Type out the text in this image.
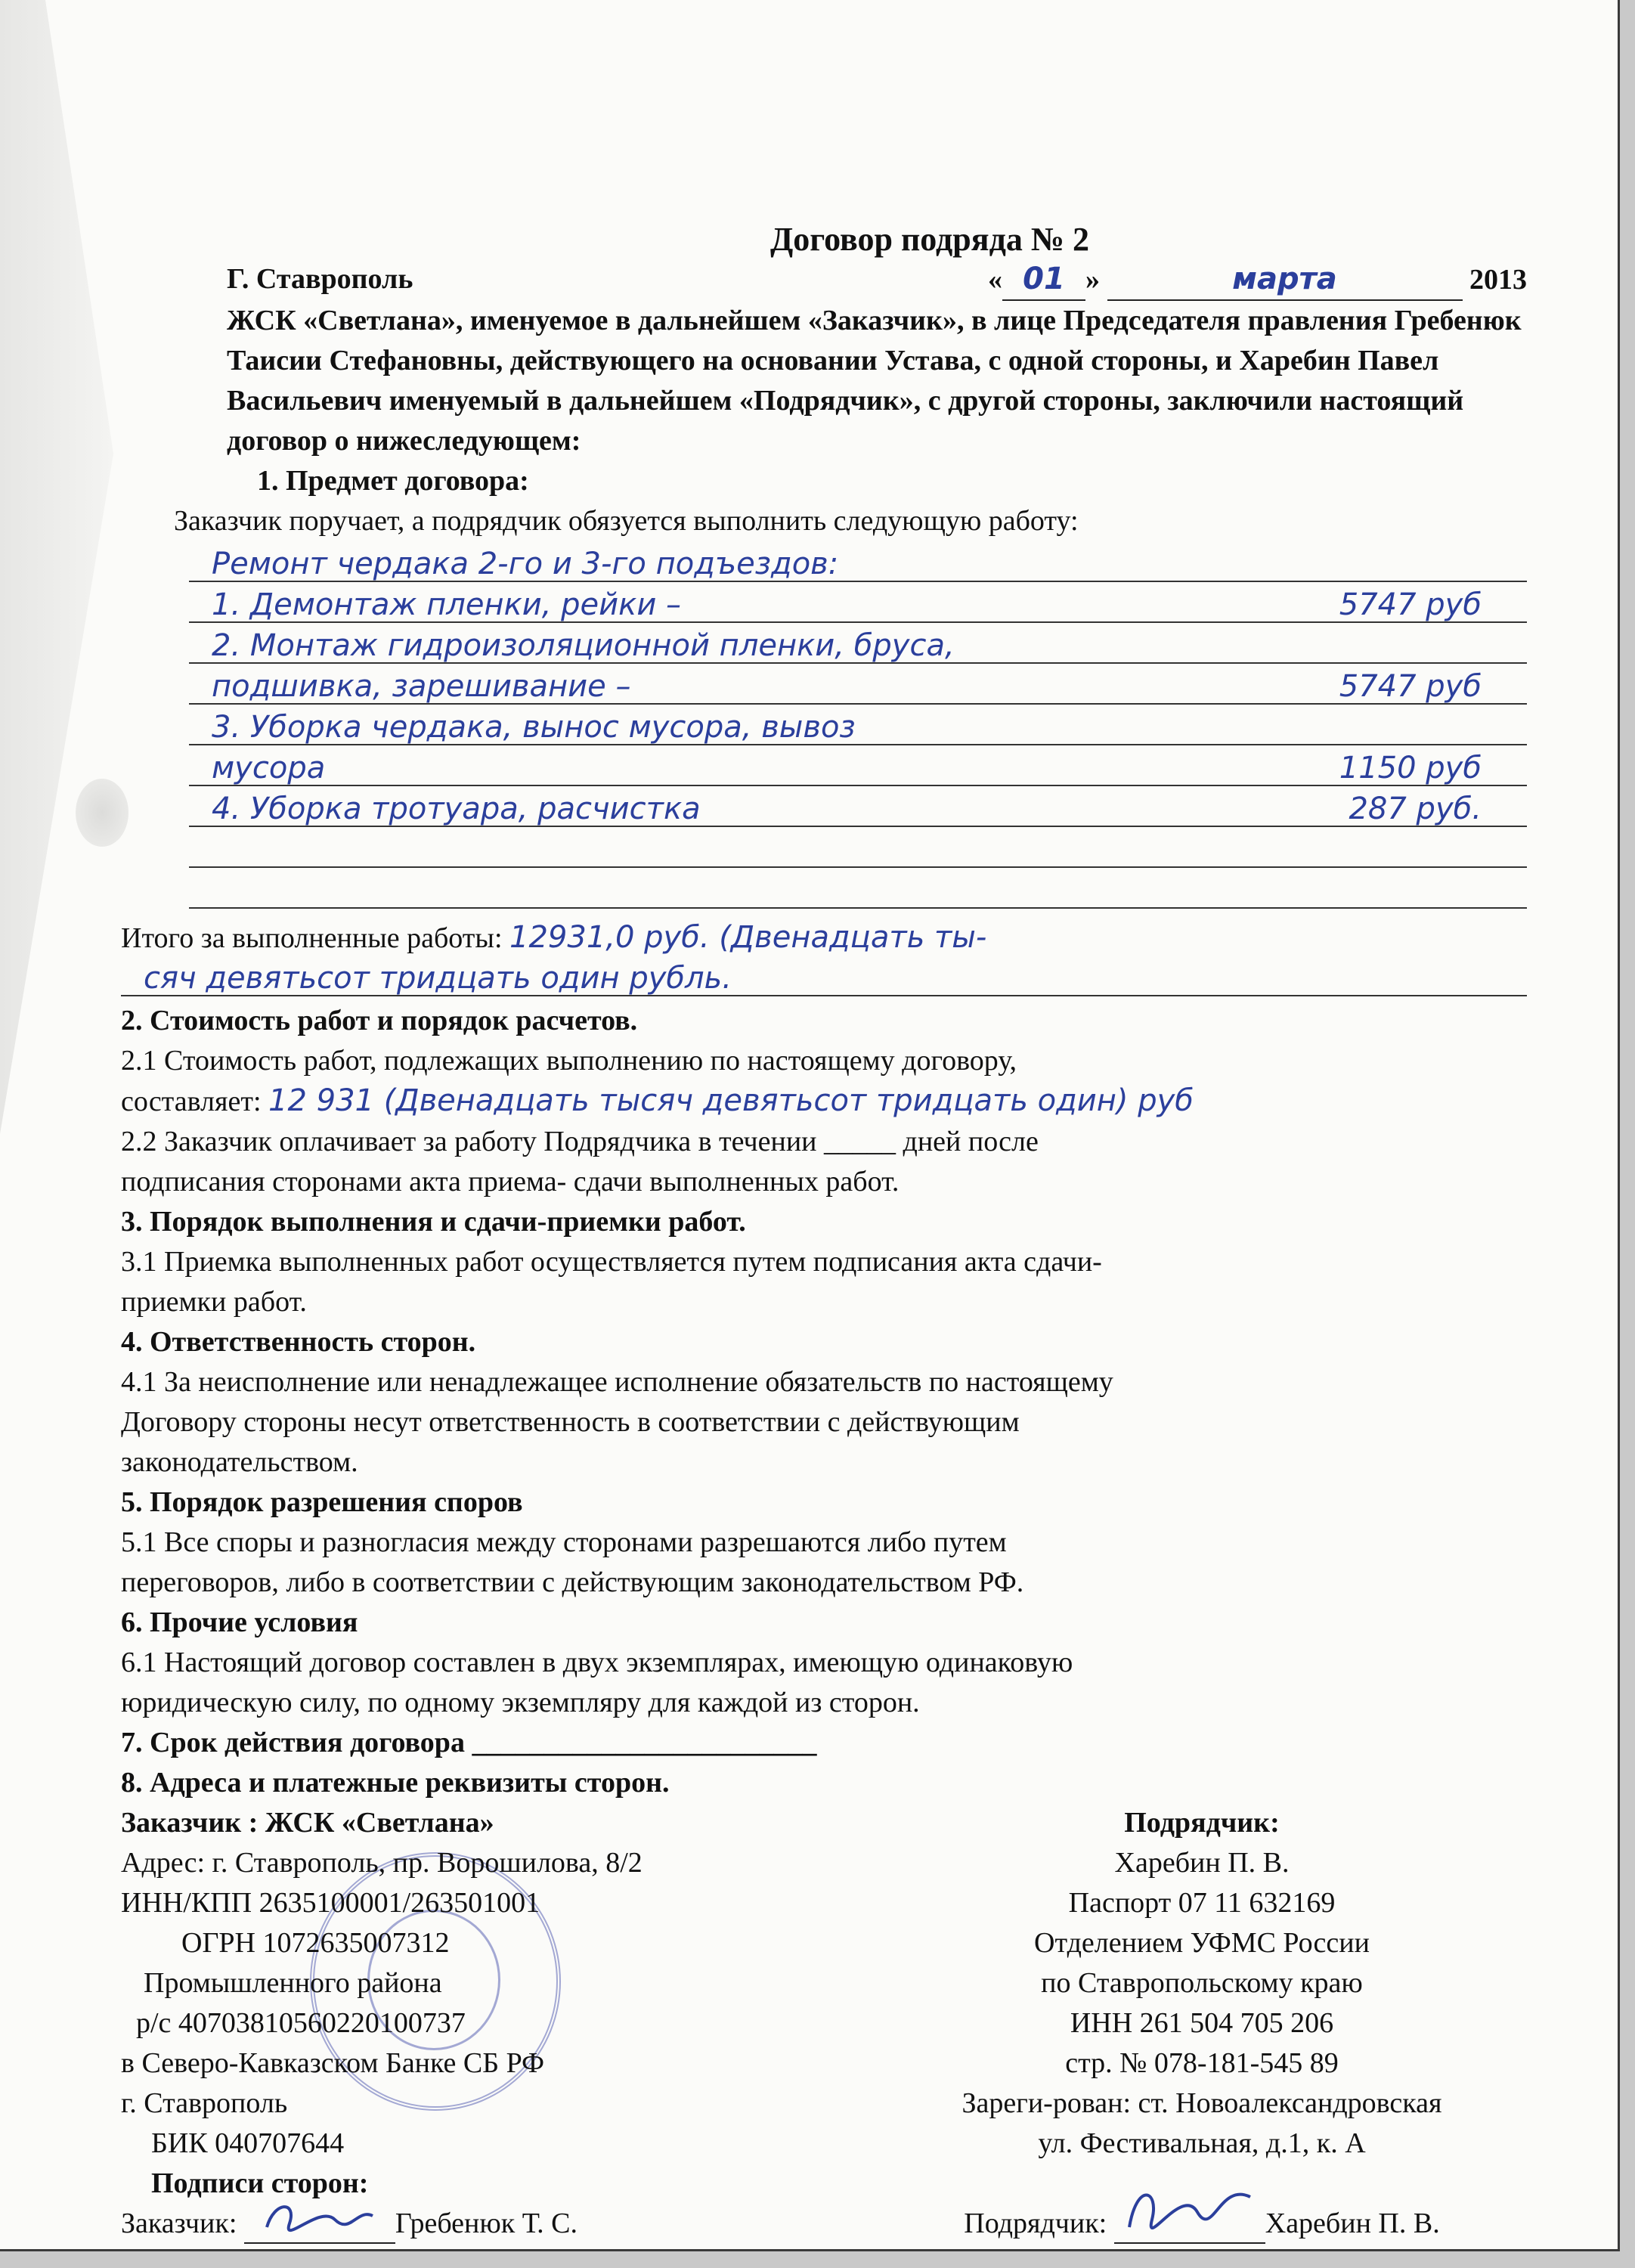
Договор подряда № 2
Г. Ставрополь	« 01 »	марта	2013
ЖСК «Светлана», именуемое в дальнейшем «Заказчик», в лице Председателя правления Гребенюк Таисии Стефановны, действующего на основании Устава, с одной стороны, и Харебин Павел Васильевич именуемый в дальнейшем «Подрядчик», с другой стороны, заключили настоящий договор о нижеследующем:
1. Предмет договора:
Заказчик поручает, а подрядчик обязуется выполнить следующую работу:
Ремонт чердака 2-го и 3-го подъездов:
1. Демонтаж пленки, рейки –	5747 руб
2. Монтаж гидроизоляционной пленки, бруса,
подшивка, зарешивание –	5747 руб
3. Уборка чердака, вынос мусора, вывоз
мусора	1150 руб
4. Уборка тротуара, расчистка	287 руб.
Итого за выполненные работы: 12931,0 руб. (Двенадцать ты-
сяч девятьсот тридцать один рубль.
2. Стоимость работ и порядок расчетов.
2.1 Стоимость работ, подлежащих выполнению по настоящему договору,
составляет: 12 931 (Двенадцать тысяч девятьсот тридцать один) руб
2.2 Заказчик оплачивает за работу Подрядчика в течении _____ дней после
подписания сторонами акта приема- сдачи выполненных работ.
3. Порядок выполнения и сдачи-приемки работ.
3.1 Приемка выполненных работ осуществляется путем подписания акта сдачи-
приемки работ.
4. Ответственность сторон.
4.1 За неисполнение или ненадлежащее исполнение обязательств по настоящему
Договору стороны несут ответственность в соответствии с действующим
законодательством.
5. Порядок разрешения споров
5.1 Все споры и разногласия между сторонами разрешаются либо путем
переговоров, либо в соответствии с действующим законодательством РФ.
6. Прочие условия
6.1 Настоящий договор составлен в двух экземплярах, имеющую одинаковую
юридическую силу, по одному экземпляру для каждой из сторон.
7. Срок действия договора ________________________
8. Адреса и платежные реквизиты сторон.
Заказчик : ЖСК «Светлана»
Адрес: г. Ставрополь, пр. Ворошилова, 8/2
ИНН/КПП 2635100001/263501001
ОГРН 1072635007312
Промышленного района
р/с 40703810560220100737
в Северо-Кавказском Банке СБ РФ
г. Ставрополь
БИК 040707644
Подписи сторон:
Заказчик:	Гребенюк Т. С.
Подрядчик:
Харебин П. В.
Паспорт 07 11 632169
Отделением УФМС России
по Ставропольскому краю
ИНН 261 504 705 206
стр. № 078-181-545 89
Зареги-рован: ст. Новоалександровская
ул. Фестивальная, д.1, к. А
Подрядчик:	Харебин П. В.
